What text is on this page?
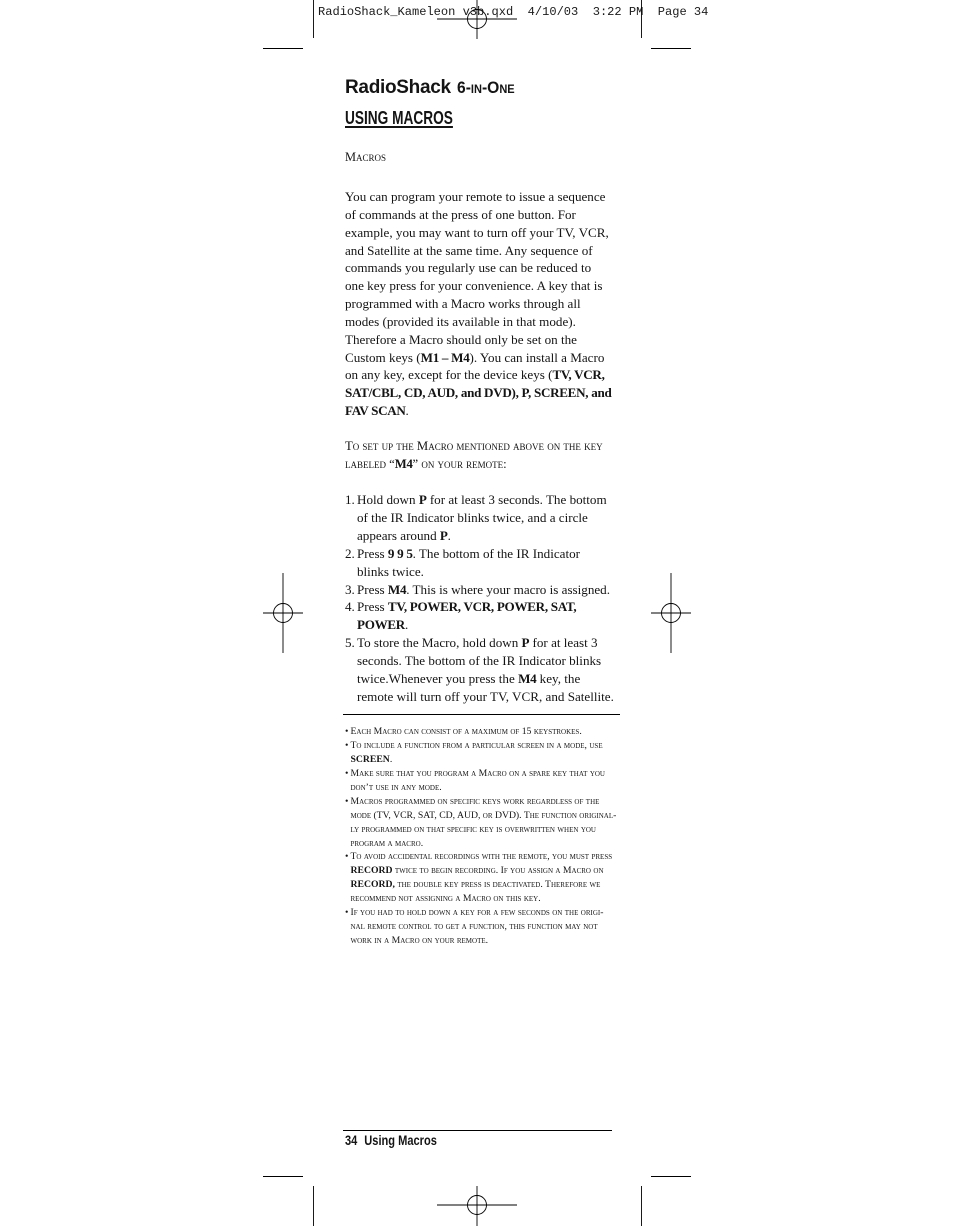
RadioShack_Kameleon v3b.qxd  4/10/03  3:22 PM  Page 34
RadioShack 6-in-One
USING MACROS
Macros
You can program your remote to issue a sequence
of commands at the press of one button. For
example, you may want to turn off your TV, VCR,
and Satellite at the same time. Any sequence of
commands you regularly use can be reduced to
one key press for your convenience. A key that is
programmed with a Macro works through all
modes (provided its available in that mode).
Therefore a Macro should only be set on the
Custom keys (M1 – M4). You can install a Macro
on any key, except for the device keys (TV, VCR,
SAT/CBL, CD, AUD, and DVD), P, SCREEN, and
FAV SCAN.
To set up the Macro mentioned above on the key
labeled “M4” on your remote:
1. Hold down P for at least 3 seconds. The bottom
of the IR Indicator blinks twice, and a circle
appears around P.
2. Press 9 9 5. The bottom of the IR Indicator
blinks twice.
3. Press M4. This is where your macro is assigned.
4. Press TV, POWER, VCR, POWER, SAT,
POWER.
5. To store the Macro, hold down P for at least 3
seconds. The bottom of the IR Indicator blinks
twice.Whenever you press the M4 key, the
remote will turn off your TV, VCR, and Satellite.
• Each Macro can consist of a maximum of 15 keystrokes.
• To include a function from a particular screen in a mode, use
SCREEN.
• Make sure that you program a Macro on a spare key that you
don’t use in any mode.
• Macros programmed on specific keys work regardless of the
mode (TV, VCR, SAT, CD, AUD, or DVD). The function original-
ly programmed on that specific key is overwritten when you
program a macro.
• To avoid accidental recordings with the remote, you must press
RECORD twice to begin recording. If you assign a Macro on
RECORD, the double key press is deactivated. Therefore we
recommend not assigning a Macro on this key.
• If you had to hold down a key for a few seconds on the origi-
nal remote control to get a function, this function may not
work in a Macro on your remote.
34 Using Macros
